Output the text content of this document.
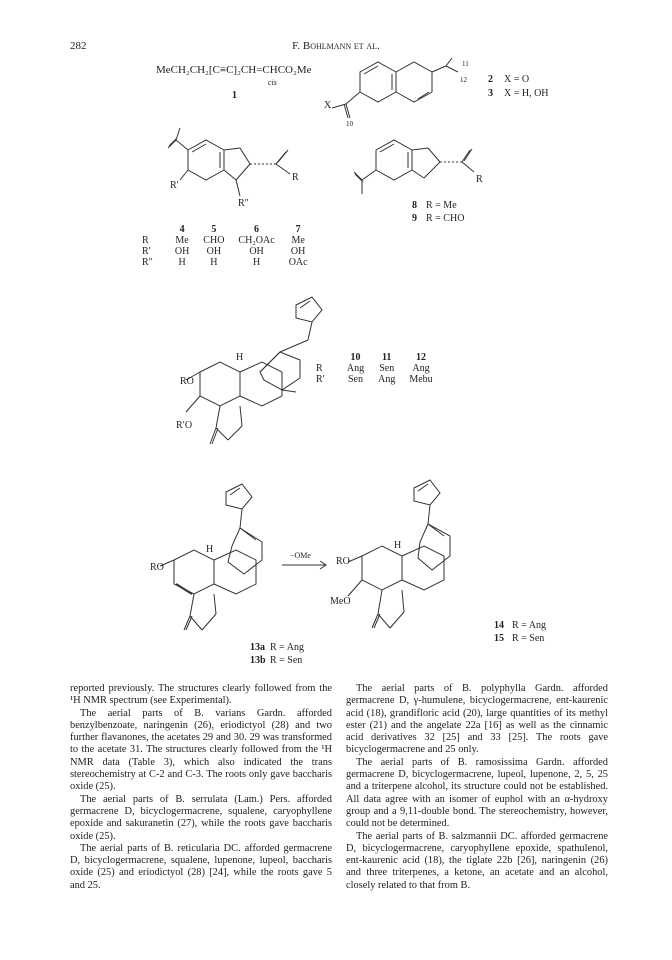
282	F. Bohlmann et al.
MeCH₂CH₂[C≡C]₂CH=CHCO₂Me
cis
1
X
11
12
10
2 X = O
3 X = H, OH
R
R′
R″
	4	5	6	7
R	Me	CHO	CH₂OAc	Me
R′	OH	OH	OH	OH
R″	H	H	H	OAc
R
8 R = Me
9 R = CHO
RO
R′O
H
		10	11	12
R	Ang	Sen	Ang
R′	Sen	Ang	Mebu
−OMe
RO
H
RO
MeO
H
13a R = Ang
13b R = Sen
14 R = Ang
15 R = Sen

reported previously. The structures clearly followed from the ¹H NMR spectrum (see Experimental).

The aerial parts of B. varians Gardn. afforded benzylbenzoate, naringenin (26), eriodictyol (28) and two further flavanones, the acetates 29 and 30. 29 was transformed to the acetate 31. The structures clearly followed from the ¹H NMR data (Table 3), which also indicated the trans stereochemistry at C-2 and C-3. The roots only gave baccharis oxide (25).

The aerial parts of B. serrulata (Lam.) Pers. afforded germacrene D, bicyclogermacrene, squalene, caryophyllene epoxide and sakuranetin (27), while the roots gave baccharis oxide (25).

The aerial parts of B. reticularia DC. afforded germacrene D, bicyclogermacrene, squalene, lupenone, lupeol, baccharis oxide (25) and eriodictyol (28) [24], while the roots gave 5 and 25.

The aerial parts of B. polyphylla Gardn. afforded germacrene D, γ-humulene, bicyclogermacrene, ent-kaurenic acid (18), grandifloric acid (20), large quantities of its methyl ester (21) and the angelate 22a [16] as well as the cinnamic acid derivatives 32 [25] and 33 [25]. The roots gave bicyclogermacrene and 25 only.

The aerial parts of B. ramosissima Gardn. afforded germacrene D, bicyclogermacrene, lupeol, lupenone, 2, 5, 25 and a triterpene alcohol, its structure could not be established. All data agree with an isomer of euphol with an α-hydroxy group and a 9,11-double bond. The stereochemistry, however, could not be determined.

The aerial parts of B. salzmannii DC. afforded germacrene D, bicyclogermacrene, caryophyllene epoxide, spathulenol, ent-kaurenic acid (18), the tiglate 22b [26], naringenin (26) and three triterpenes, a ketone, an acetate and an alcohol, closely related to that from B.
